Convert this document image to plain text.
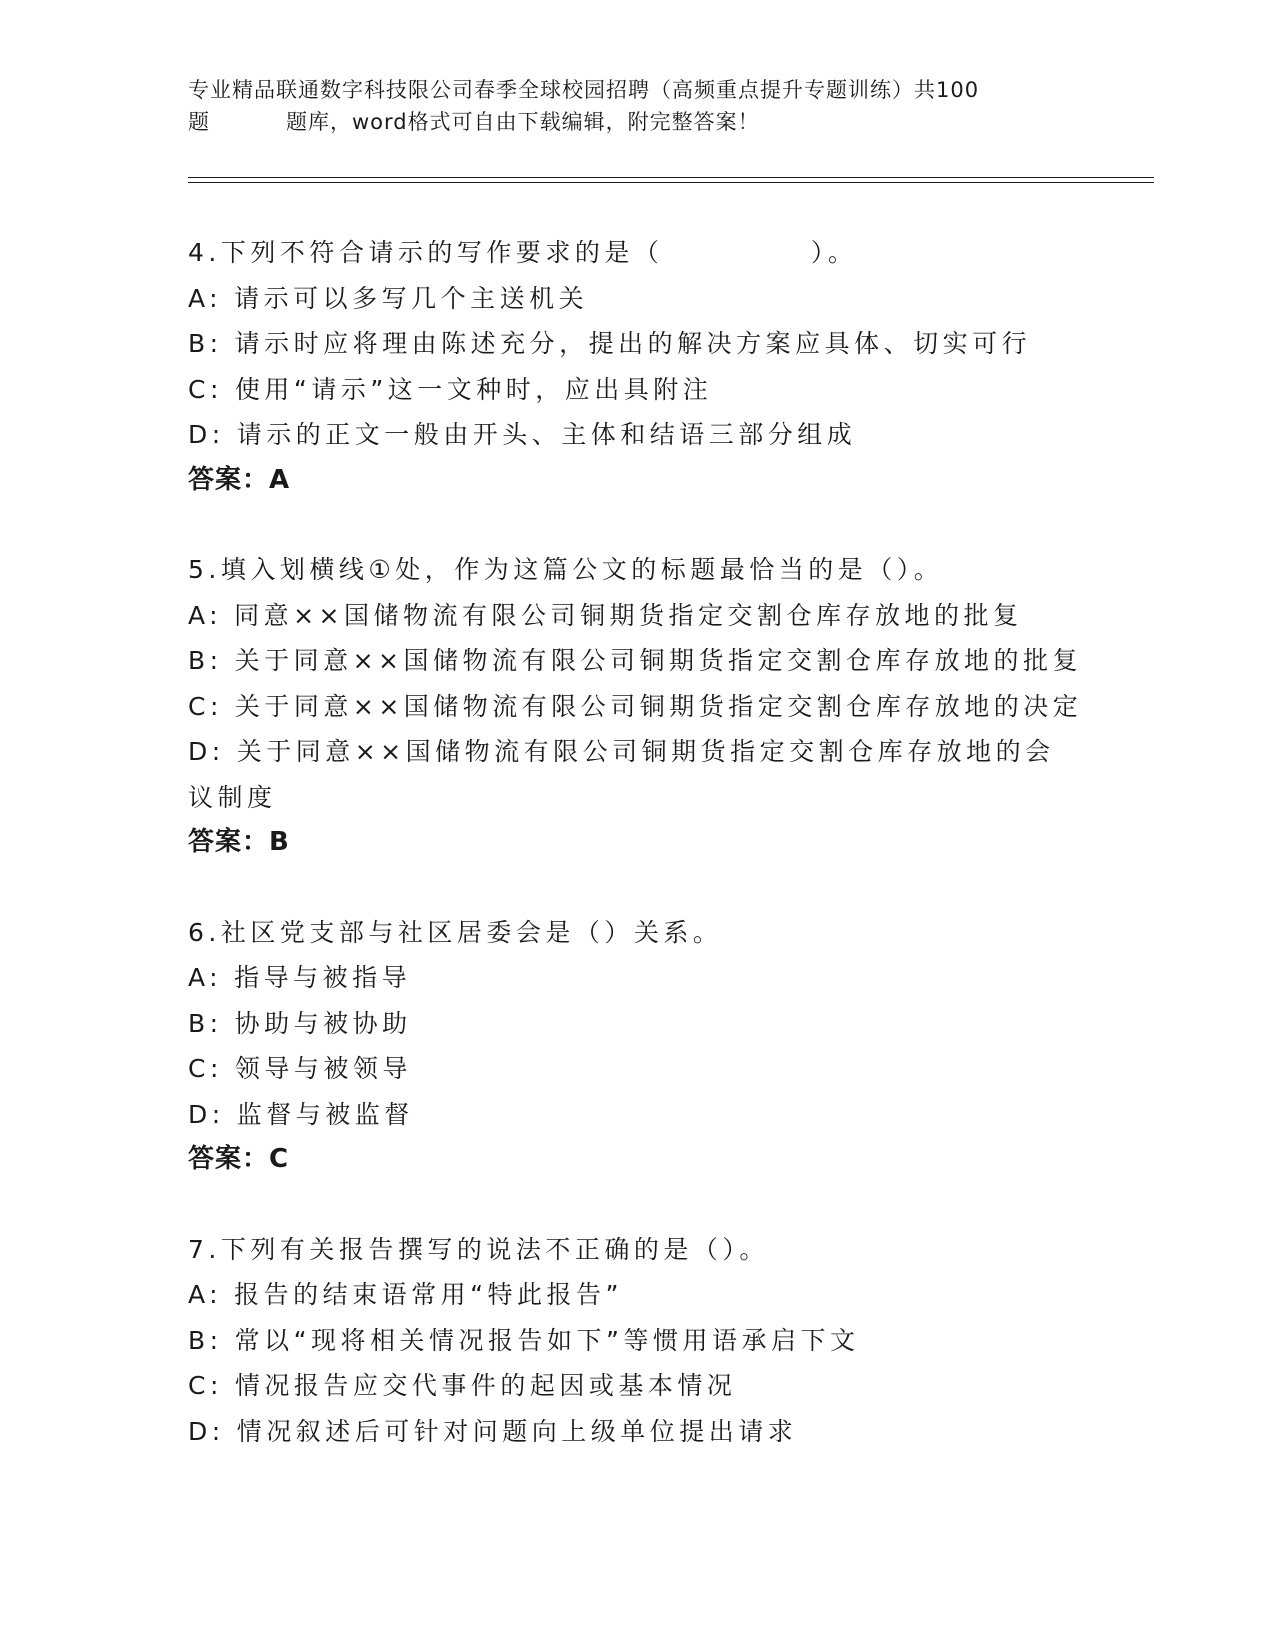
专业精品联通数字科技限公司春季全球校园招聘（高频重点提升专题训练）共100
题	题库，word格式可自由下载编辑，附完整答案！
4.下列不符合请示的写作要求的是（　　　　　）。
A: 请示可以多写几个主送机关
B: 请示时应将理由陈述充分，提出的解决方案应具体、切实可行
C: 使用“请示”这一文种时，应出具附注
D: 请示的正文一般由开头、主体和结语三部分组成
答案：A
5.填入划横线①处，作为这篇公文的标题最恰当的是（）。
A: 同意××国储物流有限公司铜期货指定交割仓库存放地的批复
B: 关于同意××国储物流有限公司铜期货指定交割仓库存放地的批复
C: 关于同意××国储物流有限公司铜期货指定交割仓库存放地的决定
D: 关于同意××国储物流有限公司铜期货指定交割仓库存放地的会议制度
答案：B
6.社区党支部与社区居委会是（）关系。
A: 指导与被指导
B: 协助与被协助
C: 领导与被领导
D: 监督与被监督
答案：C
7.下列有关报告撰写的说法不正确的是（）。
A: 报告的结束语常用“特此报告”
B: 常以“现将相关情况报告如下”等惯用语承启下文
C: 情况报告应交代事件的起因或基本情况
D: 情况叙述后可针对问题向上级单位提出请求
